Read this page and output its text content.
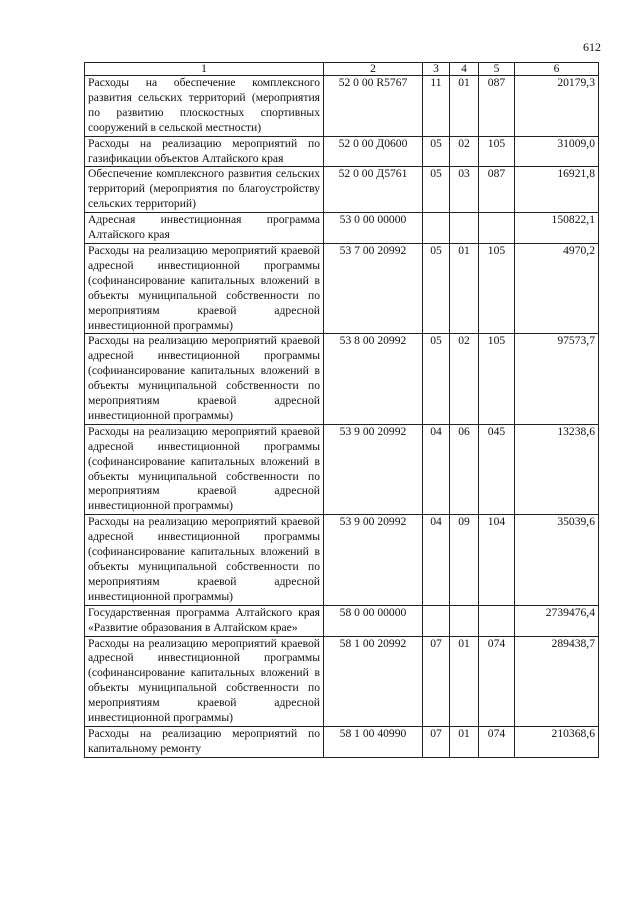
612
1	2	3	4	5	6
Расходы на обеспечение комплексного развития сельских территорий (мероприятия по развитию плоскостных спортивных сооружений в сельской местности)	52 0 00 R5767	11	01	087	20179,3
Расходы на реализацию мероприятий по газификации объектов Алтайского края	52 0 00 Д0600	05	02	105	31009,0
Обеспечение комплексного развития сельских территорий (мероприятия по благоустройству сельских территорий)	52 0 00 Д5761	05	03	087	16921,8
Адресная инвестиционная программа Алтайского края	53 0 00 00000				150822,1
Расходы на реализацию мероприятий краевой адресной инвестиционной программы (софинансирование капитальных вложений в объекты муниципальной собственности по мероприятиям краевой адресной инвестиционной программы)	53 7 00 20992	05	01	105	4970,2
Расходы на реализацию мероприятий краевой адресной инвестиционной программы (софинансирование капитальных вложений в объекты муниципальной собственности по мероприятиям краевой адресной инвестиционной программы)	53 8 00 20992	05	02	105	97573,7
Расходы на реализацию мероприятий краевой адресной инвестиционной программы (софинансирование капитальных вложений в объекты муниципальной собственности по мероприятиям краевой адресной инвестиционной программы)	53 9 00 20992	04	06	045	13238,6
Расходы на реализацию мероприятий краевой адресной инвестиционной программы (софинансирование капитальных вложений в объекты муниципальной собственности по мероприятиям краевой адресной инвестиционной программы)	53 9 00 20992	04	09	104	35039,6
Государственная программа Алтайского края «Развитие образования в Алтайском крае»	58 0 00 00000				2739476,4
Расходы на реализацию мероприятий краевой адресной инвестиционной программы (софинансирование капитальных вложений в объекты муниципальной собственности по мероприятиям краевой адресной инвестиционной программы)	58 1 00 20992	07	01	074	289438,7
Расходы на реализацию мероприятий по капитальному ремонту	58 1 00 40990	07	01	074	210368,6
